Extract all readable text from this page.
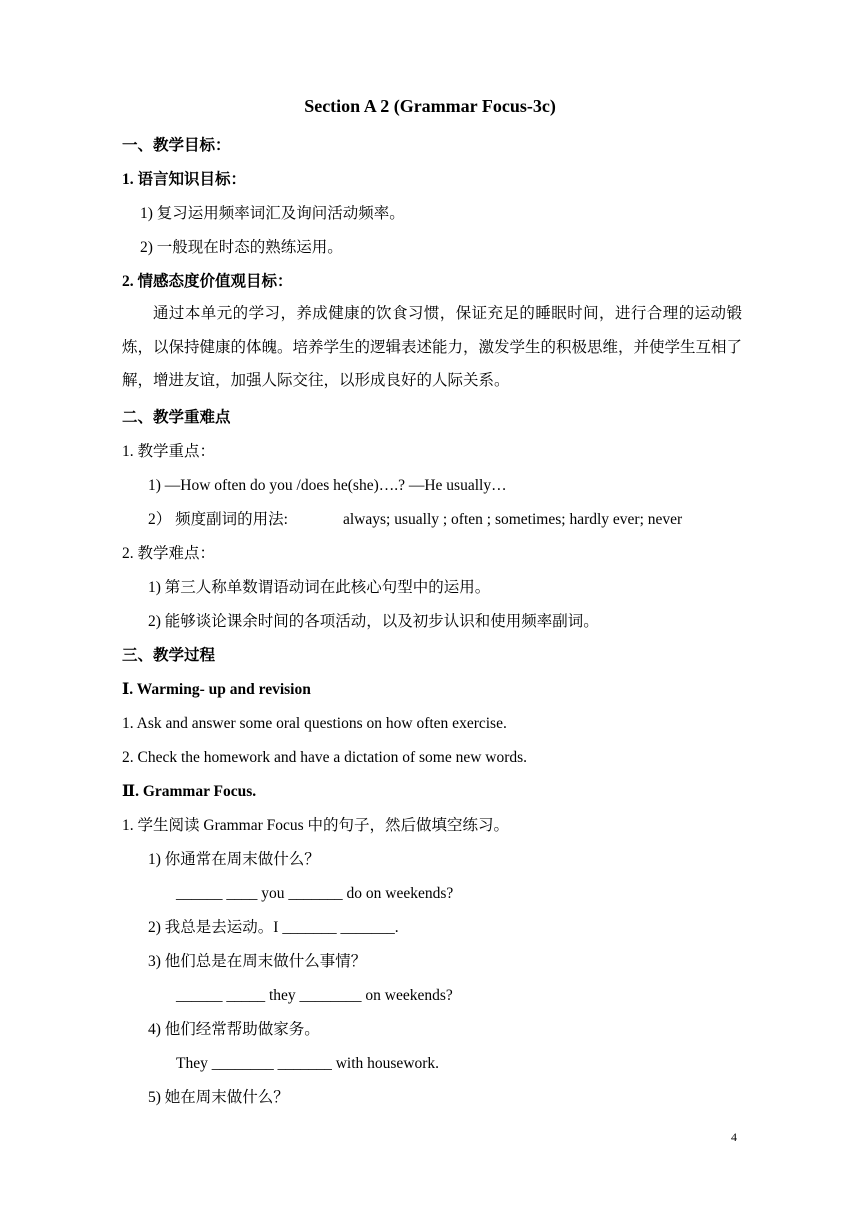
Section A 2 (Grammar Focus-3c)
一、教学目标：
1. 语言知识目标：
1) 复习运用频率词汇及询问活动频率。
2) 一般现在时态的熟练运用。
2. 情感态度价值观目标：
通过本单元的学习，养成健康的饮食习惯，保证充足的睡眠时间，进行合理的运动锻炼，以保持健康的体魄。培养学生的逻辑表述能力，激发学生的积极思维，并使学生互相了解，增进友谊，加强人际交往，以形成良好的人际关系。
二、教学重难点
1. 教学重点：
1) —How often do you /does he(she)….? —He usually…
2） 频度副词的用法:	always; usually ; often ; sometimes; hardly ever; never
2. 教学难点：
1) 第三人称单数谓语动词在此核心句型中的运用。
2) 能够谈论课余时间的各项活动，以及初步认识和使用频率副词。
三、教学过程
Ⅰ. Warming- up and revision
1. Ask and answer some oral questions on how often exercise.
2. Check the homework and have a dictation of some new words.
Ⅱ. Grammar Focus.
1. 学生阅读 Grammar Focus 中的句子，然后做填空练习。
1) 你通常在周末做什么？
______ ____ you _______ do on weekends?
2) 我总是去运动。I _______ _______.
3) 他们总是在周末做什么事情？
______ _____ they ________ on weekends?
4) 他们经常帮助做家务。
They ________ _______ with housework.
5) 她在周末做什么？
4
